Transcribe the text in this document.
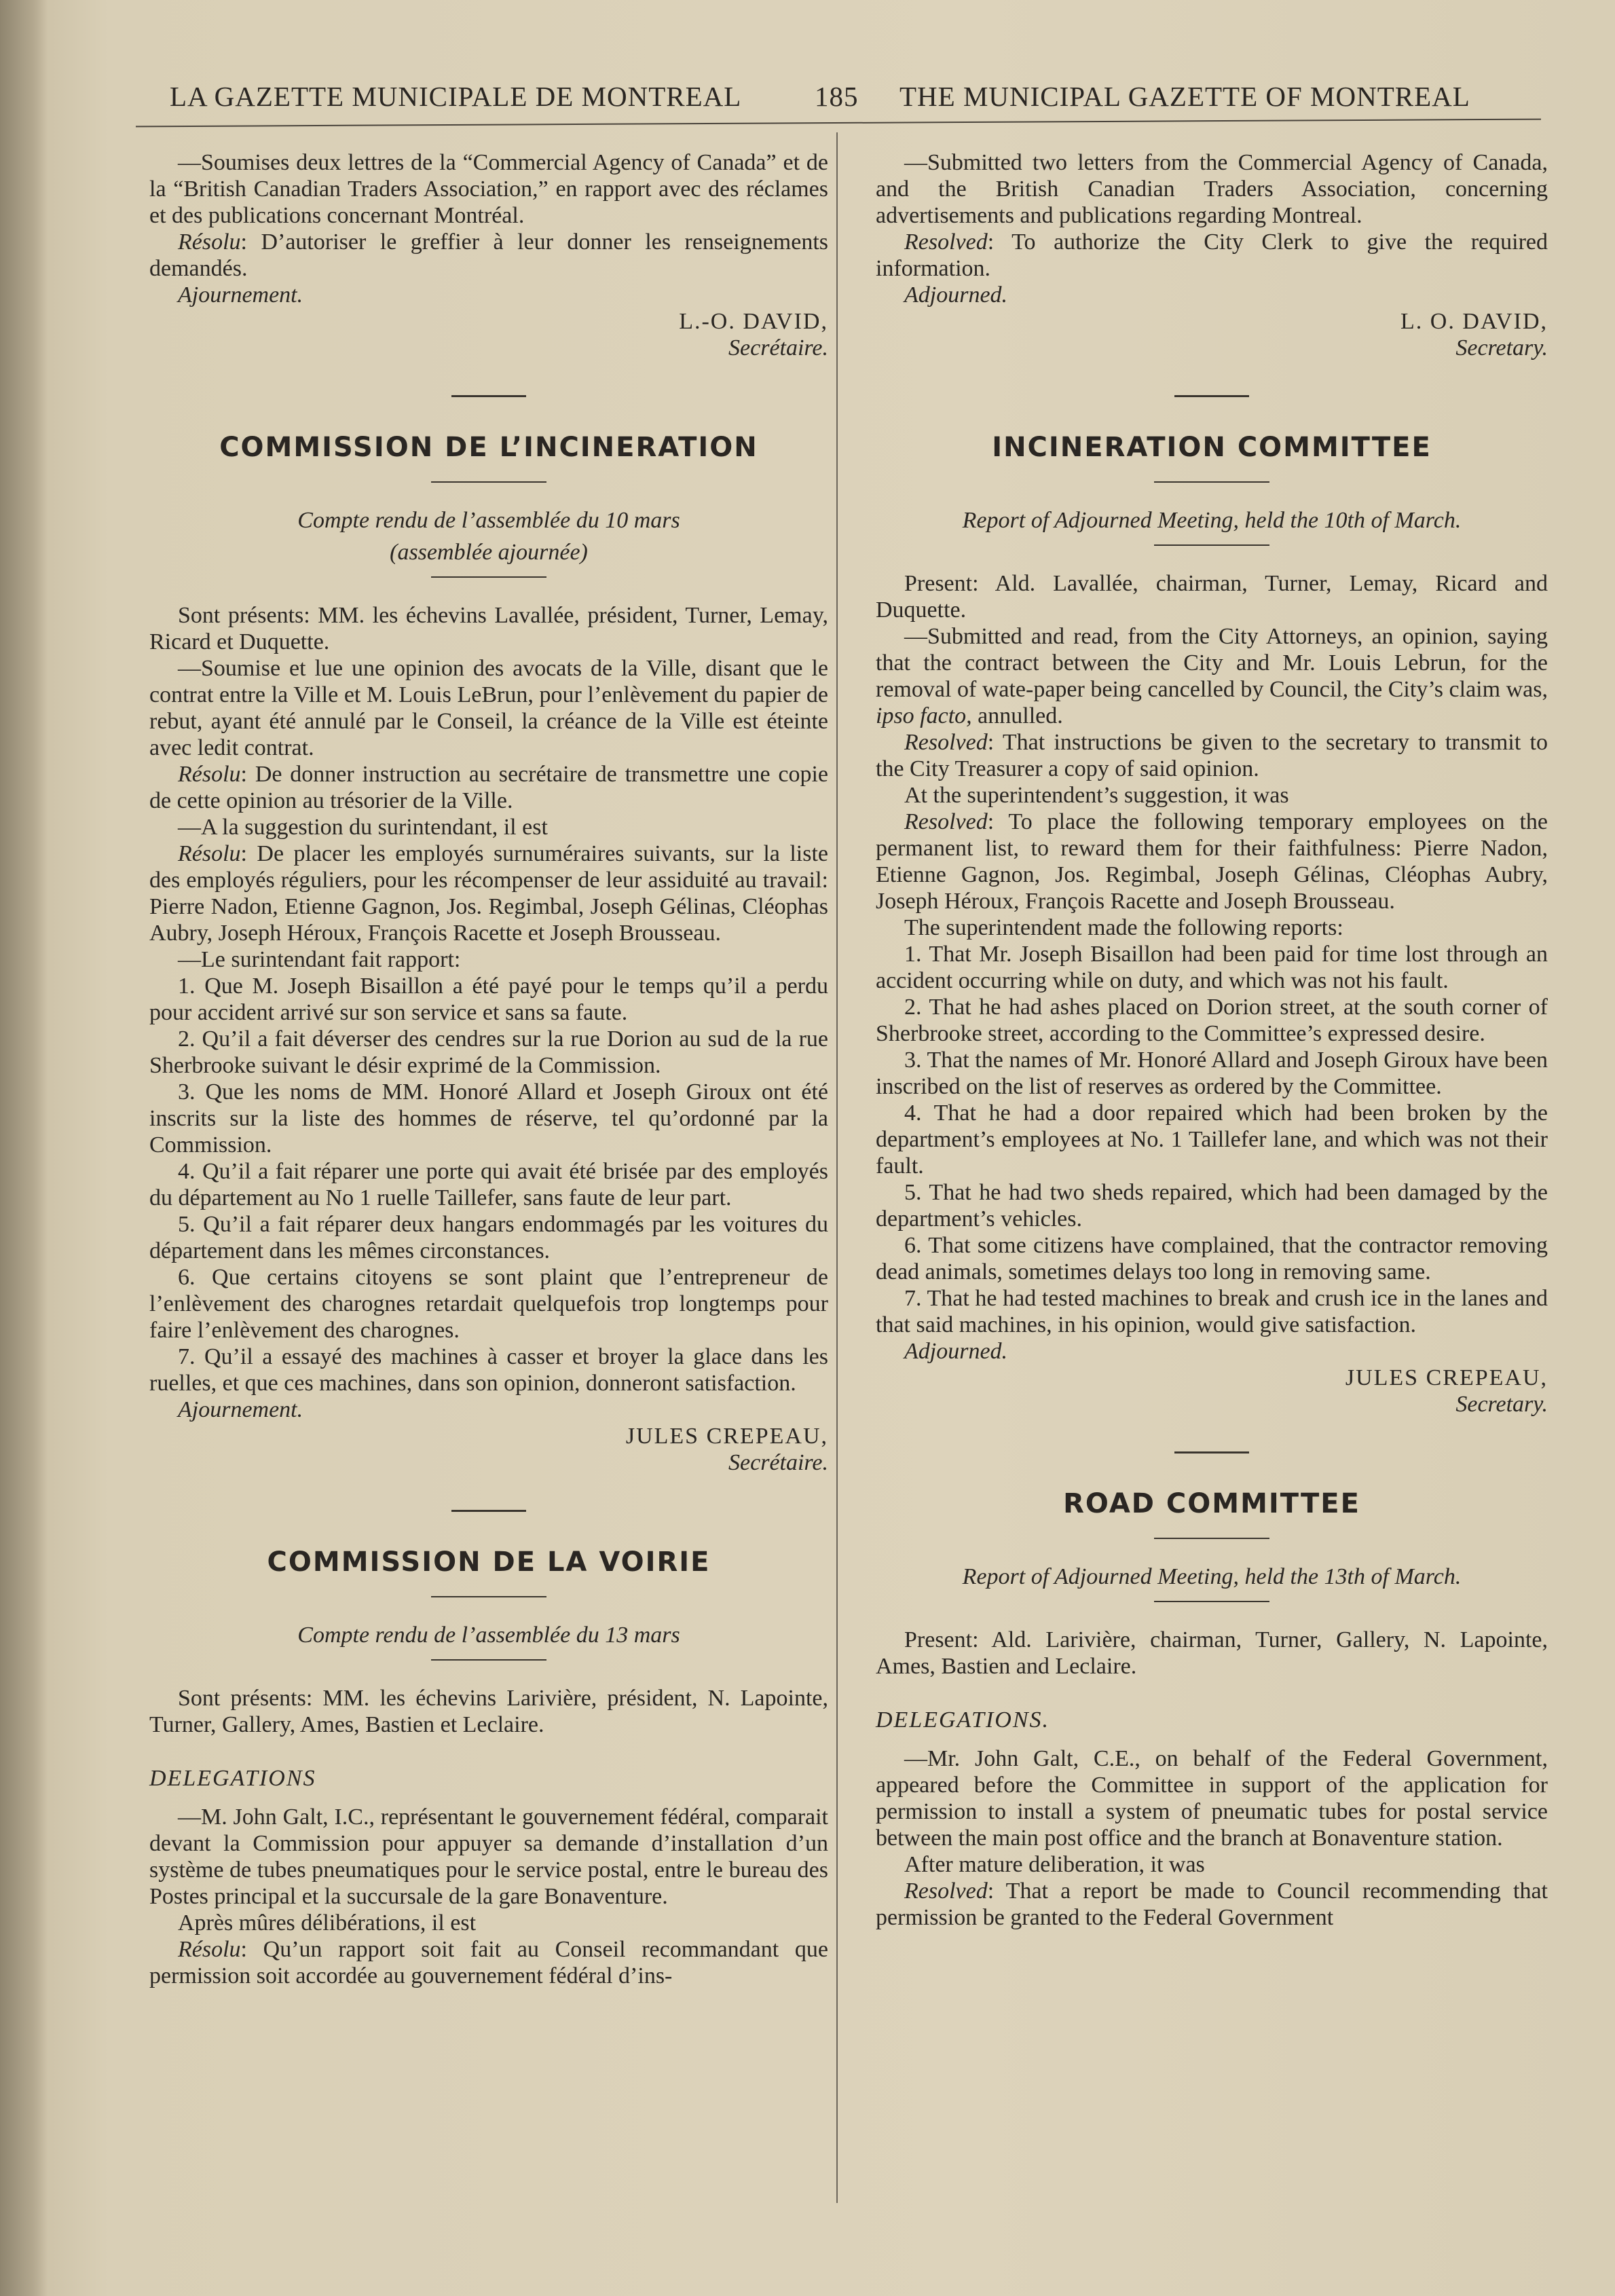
LA GAZETTE MUNICIPALE DE MONTREAL	185 THE MUNICIPAL GAZETTE OF MONTREAL

—Soumises deux lettres de la “Commercial Agency of Canada” et de la “British Canadian Traders Association,” en rapport avec des réclames et des publications concernant Montréal.

Résolu: D’autoriser le greffier à leur donner les renseignements demandés.

Ajournement.

L.-O. DAVID,

Secrétaire.

COMMISSION DE L’INCINERATION

Compte rendu de l’assemblée du 10 mars

(assemblée ajournée)

Sont présents: MM. les échevins Lavallée, président, Turner, Lemay, Ricard et Duquette.

—Soumise et lue une opinion des avocats de la Ville, disant que le contrat entre la Ville et M. Louis LeBrun, pour l’enlèvement du papier de rebut, ayant été annulé par le Conseil, la créance de la Ville est éteinte avec ledit contrat.

Résolu: De donner instruction au secrétaire de transmettre une copie de cette opinion au trésorier de la Ville.

—A la suggestion du surintendant, il est

Résolu: De placer les employés surnuméraires suivants, sur la liste des employés réguliers, pour les récompenser de leur assiduité au travail: Pierre Nadon, Etienne Gagnon, Jos. Regimbal, Joseph Gélinas, Cléophas Aubry, Joseph Héroux, François Racette et Joseph Brousseau.

—Le surintendant fait rapport:

1. Que M. Joseph Bisaillon a été payé pour le temps qu’il a perdu pour accident arrivé sur son service et sans sa faute.

2. Qu’il a fait déverser des cendres sur la rue Dorion au sud de la rue Sherbrooke suivant le désir exprimé de la Commission.

3. Que les noms de MM. Honoré Allard et Joseph Giroux ont été inscrits sur la liste des hommes de réserve, tel qu’ordonné par la Commission.

4. Qu’il a fait réparer une porte qui avait été brisée par des employés du département au No 1 ruelle Taillefer, sans faute de leur part.

5. Qu’il a fait réparer deux hangars endommagés par les voitures du département dans les mêmes circonstances.

6. Que certains citoyens se sont plaint que l’entrepreneur de l’enlèvement des charognes retardait quelquefois trop longtemps pour faire l’enlèvement des charognes.

7. Qu’il a essayé des machines à casser et broyer la glace dans les ruelles, et que ces machines, dans son opinion, donneront satisfaction.

Ajournement.

JULES CREPEAU,

Secrétaire.

COMMISSION DE LA VOIRIE

Compte rendu de l’assemblée du 13 mars

Sont présents: MM. les échevins Larivière, président, N. Lapointe, Turner, Gallery, Ames, Bastien et Leclaire.

DELEGATIONS

—M. John Galt, I.C., représentant le gouvernement fédéral, comparait devant la Commission pour appuyer sa demande d’installation d’un système de tubes pneumatiques pour le service postal, entre le bureau des Postes principal et la succursale de la gare Bonaventure.

Après mûres délibérations, il est

Résolu: Qu’un rapport soit fait au Conseil recommandant que permission soit accordée au gouvernement fédéral d’ins-

—Submitted two letters from the Commercial Agency of Canada, and the British Canadian Traders Association, concerning advertisements and publications regarding Montreal.

Resolved: To authorize the City Clerk to give the required information.

Adjourned.

L. O. DAVID,

Secretary.

INCINERATION COMMITTEE

Report of Adjourned Meeting, held the 10th of March.

Present: Ald. Lavallée, chairman, Turner, Lemay, Ricard and Duquette.

—Submitted and read, from the City Attorneys, an opinion, saying that the contract between the City and Mr. Louis Lebrun, for the removal of wate-paper being cancelled by Council, the City’s claim was, ipso facto, annulled.

Resolved: That instructions be given to the secretary to transmit to the City Treasurer a copy of said opinion.

At the superintendent’s suggestion, it was

Resolved: To place the following temporary employees on the permanent list, to reward them for their faithfulness: Pierre Nadon, Etienne Gagnon, Jos. Regimbal, Joseph Gélinas, Cléophas Aubry, Joseph Héroux, François Racette and Joseph Brousseau.

The superintendent made the following reports:

1. That Mr. Joseph Bisaillon had been paid for time lost through an accident occurring while on duty, and which was not his fault.

2. That he had ashes placed on Dorion street, at the south corner of Sherbrooke street, according to the Committee’s expressed desire.

3. That the names of Mr. Honoré Allard and Joseph Giroux have been inscribed on the list of reserves as ordered by the Committee.

4. That he had a door repaired which had been broken by the department’s employees at No. 1 Taillefer lane, and which was not their fault.

5. That he had two sheds repaired, which had been damaged by the department’s vehicles.

6. That some citizens have complained, that the contractor removing dead animals, sometimes delays too long in removing same.

7. That he had tested machines to break and crush ice in the lanes and that said machines, in his opinion, would give satisfaction.

Adjourned.

JULES CREPEAU,

Secretary.

ROAD COMMITTEE

Report of Adjourned Meeting, held the 13th of March.

Present: Ald. Larivière, chairman, Turner, Gallery, N. Lapointe, Ames, Bastien and Leclaire.

DELEGATIONS.

—Mr. John Galt, C.E., on behalf of the Federal Government, appeared before the Committee in support of the application for permission to install a system of pneumatic tubes for postal service between the main post office and the branch at Bonaventure station.

After mature deliberation, it was

Resolved: That a report be made to Council recommending that permission be granted to the Federal Government
